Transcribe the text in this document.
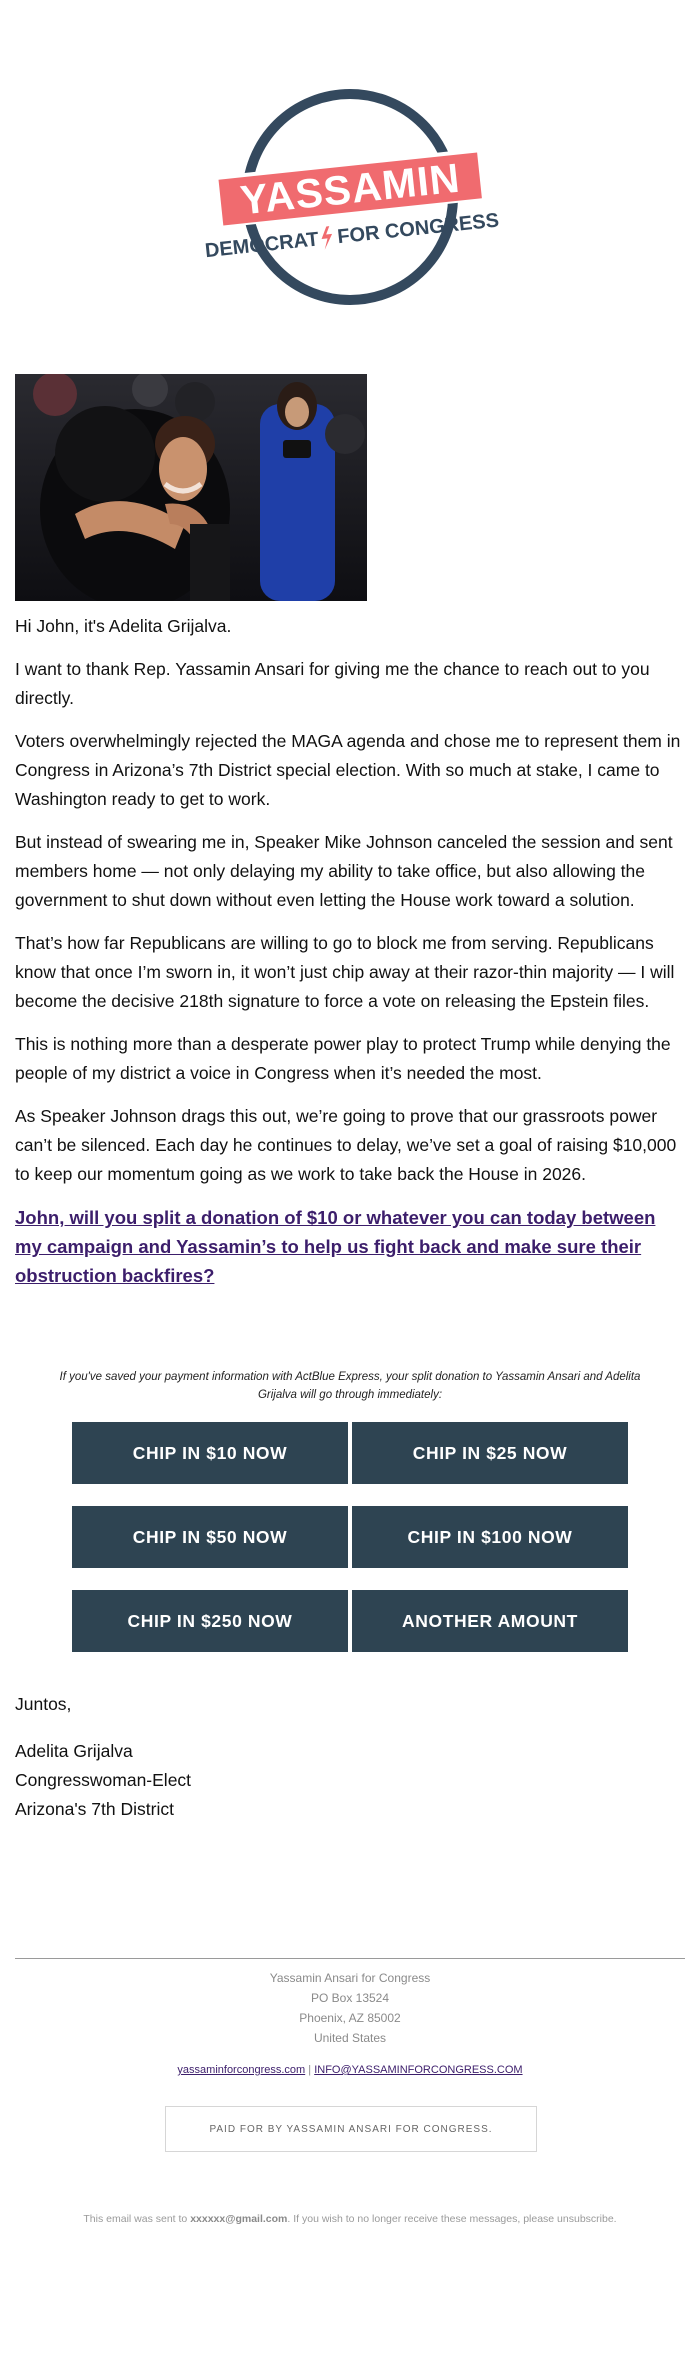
YASSAMIN
DEMOCRAT FOR CONGRESS

Hi John, it's Adelita Grijalva.

I want to thank Rep. Yassamin Ansari for giving me the chance to reach out to you directly.

Voters overwhelmingly rejected the MAGA agenda and chose me to represent them in Congress in Arizona’s 7th District special election. With so much at stake, I came to Washington ready to get to work.

But instead of swearing me in, Speaker Mike Johnson canceled the session and sent members home — not only delaying my ability to take office, but also allowing the government to shut down without even letting the House work toward a solution.

That’s how far Republicans are willing to go to block me from serving. Republicans know that once I’m sworn in, it won’t just chip away at their razor-thin majority — I will become the decisive 218th signature to force a vote on releasing the Epstein files.

This is nothing more than a desperate power play to protect Trump while denying the people of my district a voice in Congress when it’s needed the most.

As Speaker Johnson drags this out, we’re going to prove that our grassroots power can’t be silenced. Each day he continues to delay, we’ve set a goal of raising $10,000 to keep our momentum going as we work to take back the House in 2026.

John, will you split a donation of $10 or whatever you can today between my campaign and Yassamin’s to help us fight back and make sure their obstruction backfires?
If you've saved your payment information with ActBlue Express, your split donation to Yassamin Ansari and Adelita Grijalva will go through immediately:
CHIP IN $10 NOW	CHIP IN $25 NOW
CHIP IN $50 NOW	CHIP IN $100 NOW
CHIP IN $250 NOW	ANOTHER AMOUNT
Juntos,
Adelita Grijalva
Congresswoman-Elect
Arizona's 7th District
Yassamin Ansari for Congress
PO Box 13524
Phoenix, AZ 85002
United States
yassaminforcongress.com | INFO@YASSAMINFORCONGRESS.COM
PAID FOR BY YASSAMIN ANSARI FOR CONGRESS.
This email was sent to xxxxxx@gmail.com. If you wish to no longer receive these messages, please unsubscribe.
